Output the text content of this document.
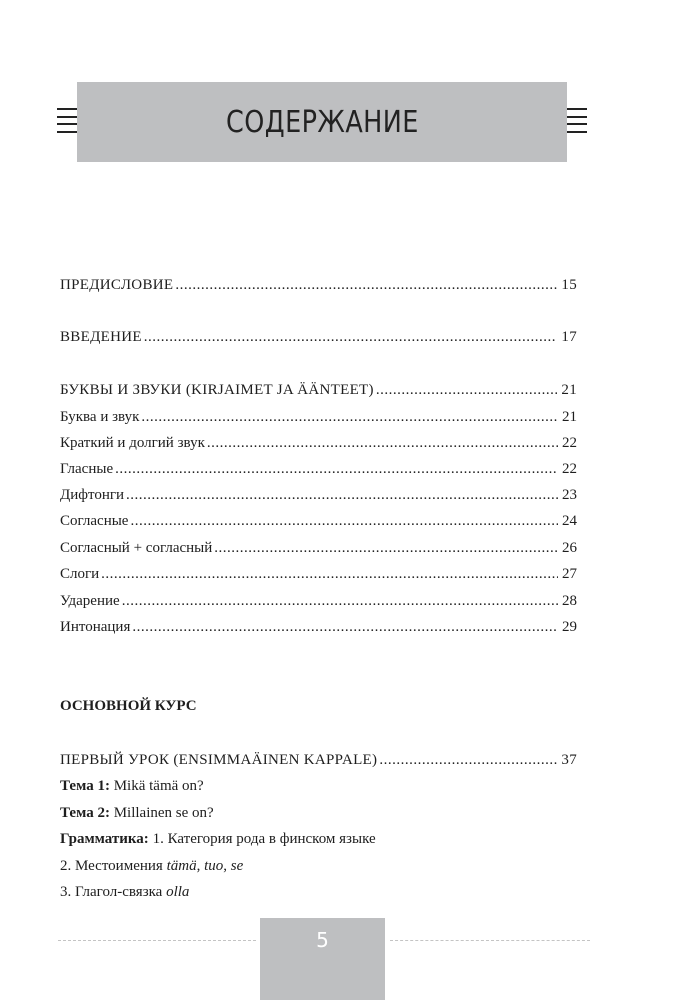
СОДЕРЖАНИЕ
ПРЕДИСЛОВИЕ .....	15
ВВЕДЕНИЕ .....	17
БУКВЫ И ЗВУКИ (KIRJAIMET JA ÄÄNTEET) .....	21
Буква и звук .....	21
Краткий и долгий звук .....	22
Гласные .....	22
Дифтонги .....	23
Согласные .....	24
Согласный + согласный .....	26
Слоги .....	27
Ударение .....	28
Интонация .....	29
ОСНОВНОЙ КУРС
ПЕРВЫЙ УРОК (ENSIMMAÄINEN KAPPALE) .....	37
Тема 1:
Mikä tämä on?
Тема 2:
Millainen se on?
Грамматика:
1. Категория рода в финском языке
2. Местоимения tämä , tuo , se
3. Глагол-связка olla
5
